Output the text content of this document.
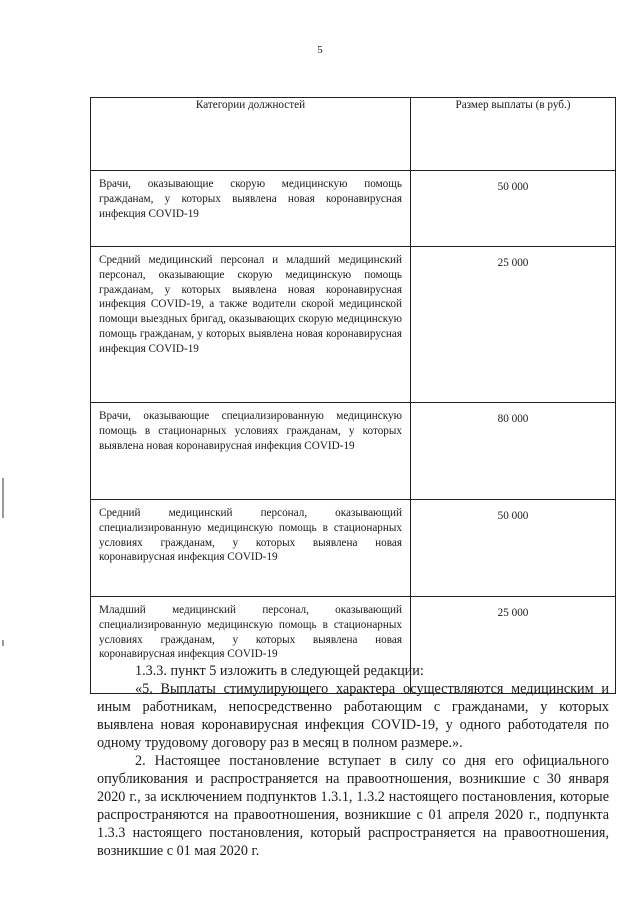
5
Категории должностей	Размер выплаты (в руб.)
Врачи, оказывающие скорую медицинскую помощь гражданам, у которых выявлена новая коронавирусная инфекция COVID-19	50 000
Средний медицинский персонал и младший медицинский персонал, оказывающие скорую медицинскую помощь гражданам, у которых выявлена новая коронавирусная инфекция COVID-19, а также водители скорой медицинской помощи выездных бригад, оказывающих скорую медицинскую помощь гражданам, у которых выявлена новая коронавирусная инфекция COVID-19	25 000
Врачи, оказывающие специализированную медицинскую помощь в стационарных условиях гражданам, у которых выявлена новая коронавирусная инфекция COVID-19	80 000
Средний медицинский персонал, оказывающий специализированную медицинскую помощь в стационарных условиях гражданам, у которых выявлена новая коронавирусная инфекция COVID-19	50 000
Младший медицинский персонал, оказывающий специализированную медицинскую помощь в стационарных условиях гражданам, у которых выявлена новая коронавирусная инфекция COVID-19	25 000

1.3.3. пункт 5 изложить в следующей редакции:

«5. Выплаты стимулирующего характера осуществляются медицинским и иным работникам, непосредственно работающим с гражданами, у которых выявлена новая коронавирусная инфекция COVID-19, у одного работодателя по одному трудовому договору раз в месяц в полном размере.».

2. Настоящее постановление вступает в силу со дня его официального опубликования и распространяется на правоотношения, возникшие с 30 января 2020 г., за исключением подпунктов 1.3.1, 1.3.2 настоящего постановления, которые распространяются на правоотношения, возникшие с 01 апреля 2020 г., подпункта 1.3.3 настоящего постановления, который распространяется на правоотношения, возникшие с 01 мая 2020 г.
